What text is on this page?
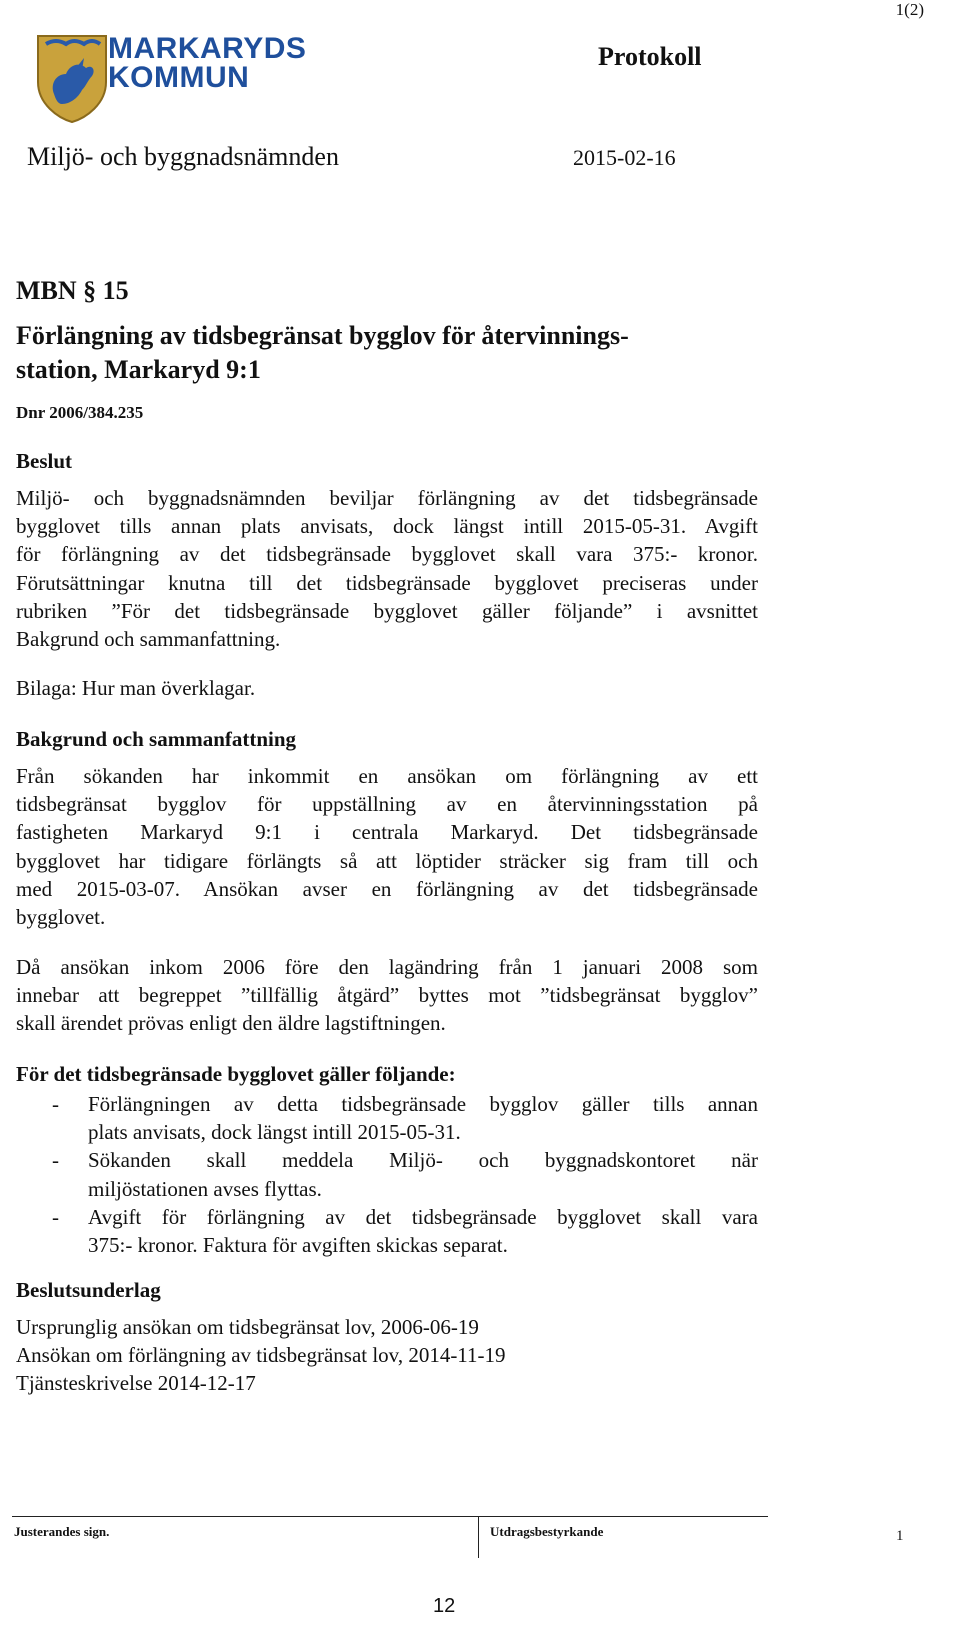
1(2)
MARKARYDS
KOMMUN
Protokoll
Miljö- och byggnadsnämnden	2015-02-16
MBN § 15
Förlängning av tidsbegränsat bygglov för återvinnings-
station, Markaryd 9:1
Dnr 2006/384.235
Beslut
Miljö- och byggnadsnämnden beviljar förlängning av det tidsbegränsade
bygglovet tills annan plats anvisats, dock längst intill 2015-05-31. Avgift
för förlängning av det tidsbegränsade bygglovet skall vara 375:- kronor.
Förutsättningar knutna till det tidsbegränsade bygglovet preciseras under
rubriken ”För det tidsbegränsade bygglovet gäller följande” i avsnittet
Bakgrund och sammanfattning.
Bilaga: Hur man överklagar.
Bakgrund och sammanfattning
Från sökanden har inkommit en ansökan om förlängning av ett
tidsbegränsat bygglov för uppställning av en återvinningsstation på
fastigheten Markaryd 9:1 i centrala Markaryd. Det tidsbegränsade
bygglovet har tidigare förlängts så att löptider sträcker sig fram till och
med 2015-03-07. Ansökan avser en förlängning av det tidsbegränsade
bygglovet.
Då ansökan inkom 2006 före den lagändring från 1 januari 2008 som
innebar att begreppet ”tillfällig åtgärd” byttes mot ”tidsbegränsat bygglov”
skall ärendet prövas enligt den äldre lagstiftningen.
För det tidsbegränsade bygglovet gäller följande:
- Förlängningen av detta tidsbegränsade bygglov gäller tills annan
plats anvisats, dock längst intill 2015-05-31.
- Sökanden skall meddela Miljö- och byggnadskontoret när
miljöstationen avses flyttas.
- Avgift för förlängning av det tidsbegränsade bygglovet skall vara
375:- kronor. Faktura för avgiften skickas separat.
Beslutsunderlag
Ursprunglig ansökan om tidsbegränsat lov, 2006-06-19
Ansökan om förlängning av tidsbegränsat lov, 2014-11-19
Tjänsteskrivelse 2014-12-17
Justerandes sign.	Utdragsbestyrkande	1
12
